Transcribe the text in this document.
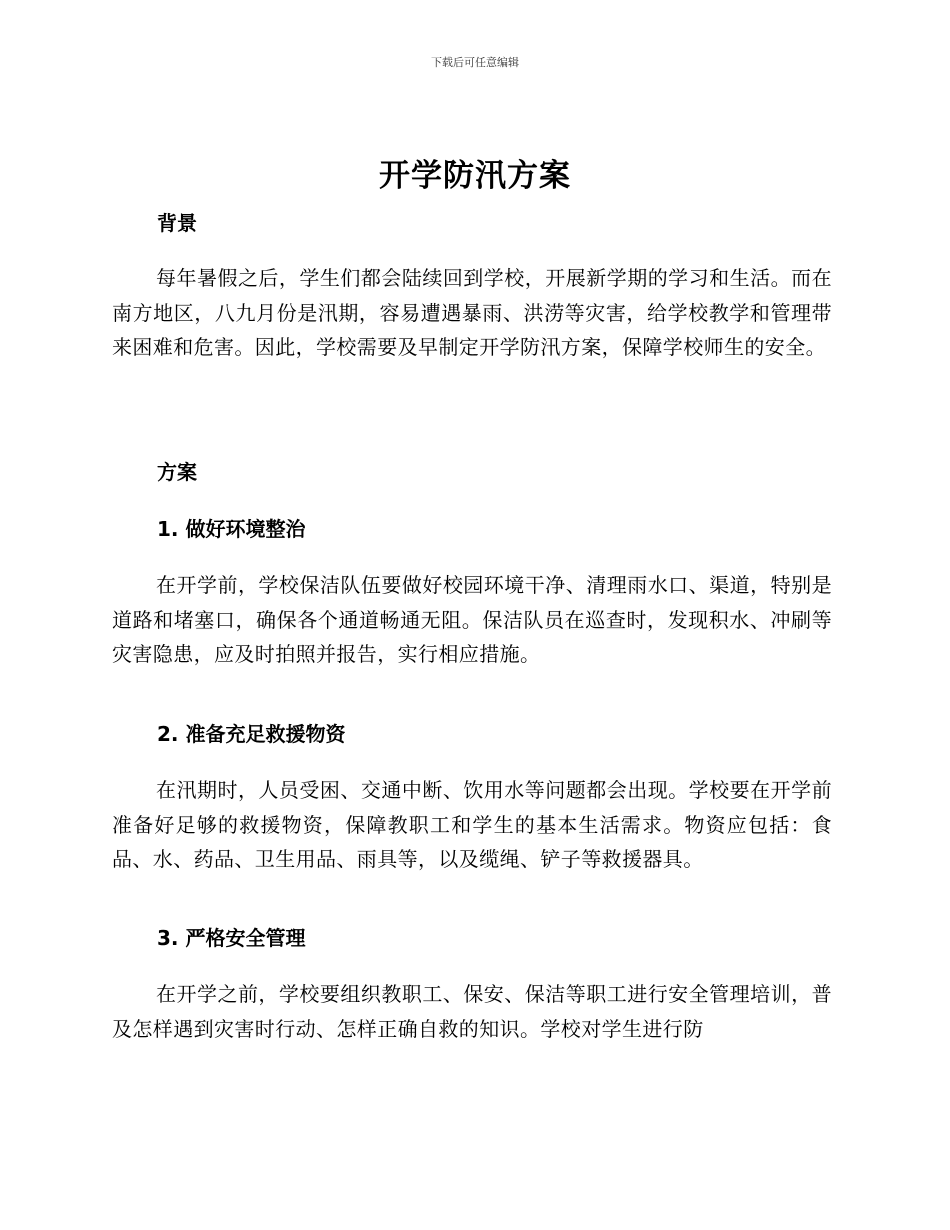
下载后可任意编辑
开学防汛方案
背景
每年暑假之后，学生们都会陆续回到学校，开展新学期的学习和生活。而在南方地区，八九月份是汛期，容易遭遇暴雨、洪涝等灾害，给学校教学和管理带来困难和危害。因此，学校需要及早制定开学防汛方案，保障学校师生的安全。
方案
1. 做好环境整治
在开学前，学校保洁队伍要做好校园环境干净、清理雨水口、渠道，特别是道路和堵塞口，确保各个通道畅通无阻。保洁队员在巡查时，发现积水、冲刷等灾害隐患，应及时拍照并报告，实行相应措施。
2. 准备充足救援物资
在汛期时，人员受困、交通中断、饮用水等问题都会出现。学校要在开学前准备好足够的救援物资，保障教职工和学生的基本生活需求。物资应包括：食品、水、药品、卫生用品、雨具等，以及缆绳、铲子等救援器具。
3. 严格安全管理
在开学之前，学校要组织教职工、保安、保洁等职工进行安全管理培训，普及怎样遇到灾害时行动、怎样正确自救的知识。学校对学生进行防
